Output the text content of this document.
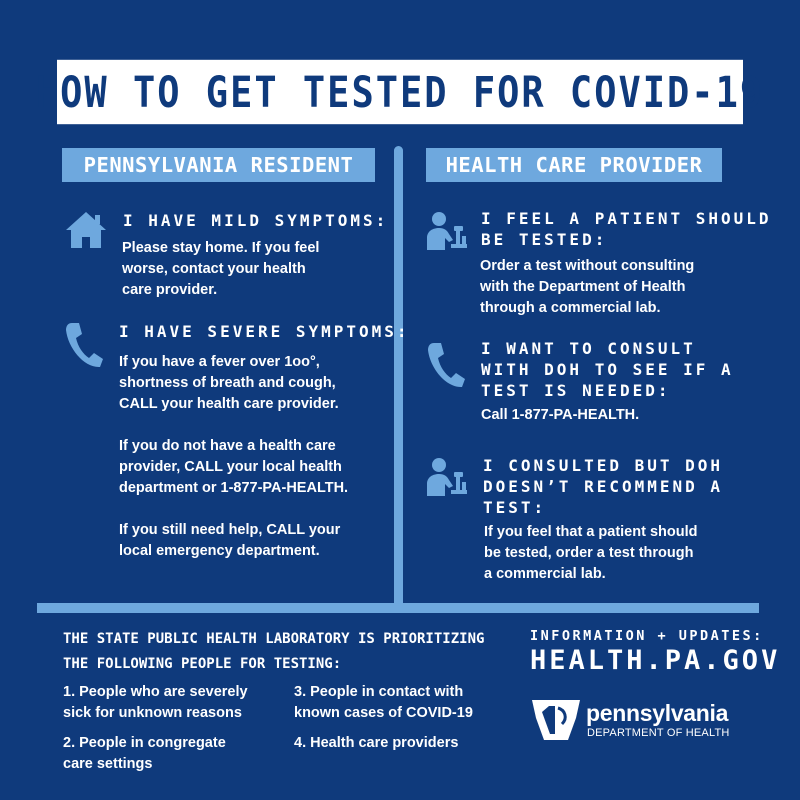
HOW TO GET TESTED FOR COVID-19
PENNSYLVANIA RESIDENT	HEALTH CARE PROVIDER
I HAVE MILD SYMPTOMS:
Please stay home. If you feel
worse, contact your health
care provider.
I HAVE SEVERE SYMPTOMS:
If you have a fever over 1oo°,
shortness of breath and cough,
CALL your health care provider.

If you do not have a health care
provider, CALL your local health
department or 1-877-PA-HEALTH.

If you still need help, CALL your
local emergency department.
I FEEL A PATIENT SHOULD
BE TESTED:
Order a test without consulting
with the Department of Health
through a commercial lab.
I WANT TO CONSULT
WITH DOH TO SEE IF A
TEST IS NEEDED:
Call 1-877-PA-HEALTH.
I CONSULTED BUT DOH
DOESN’T RECOMMEND A
TEST:
If you feel that a patient should
be tested, order a test through
a commercial lab.
THE STATE PUBLIC HEALTH LABORATORY IS PRIORITIZING
THE FOLLOWING PEOPLE FOR TESTING:
1. People who are severely
sick for unknown reasons
2. People in congregate
care settings
3. People in contact with
known cases of COVID-19
4. Health care providers
INFORMATION + UPDATES:
HEALTH.PA.GOV
pennsylvania
DEPARTMENT OF HEALTH
